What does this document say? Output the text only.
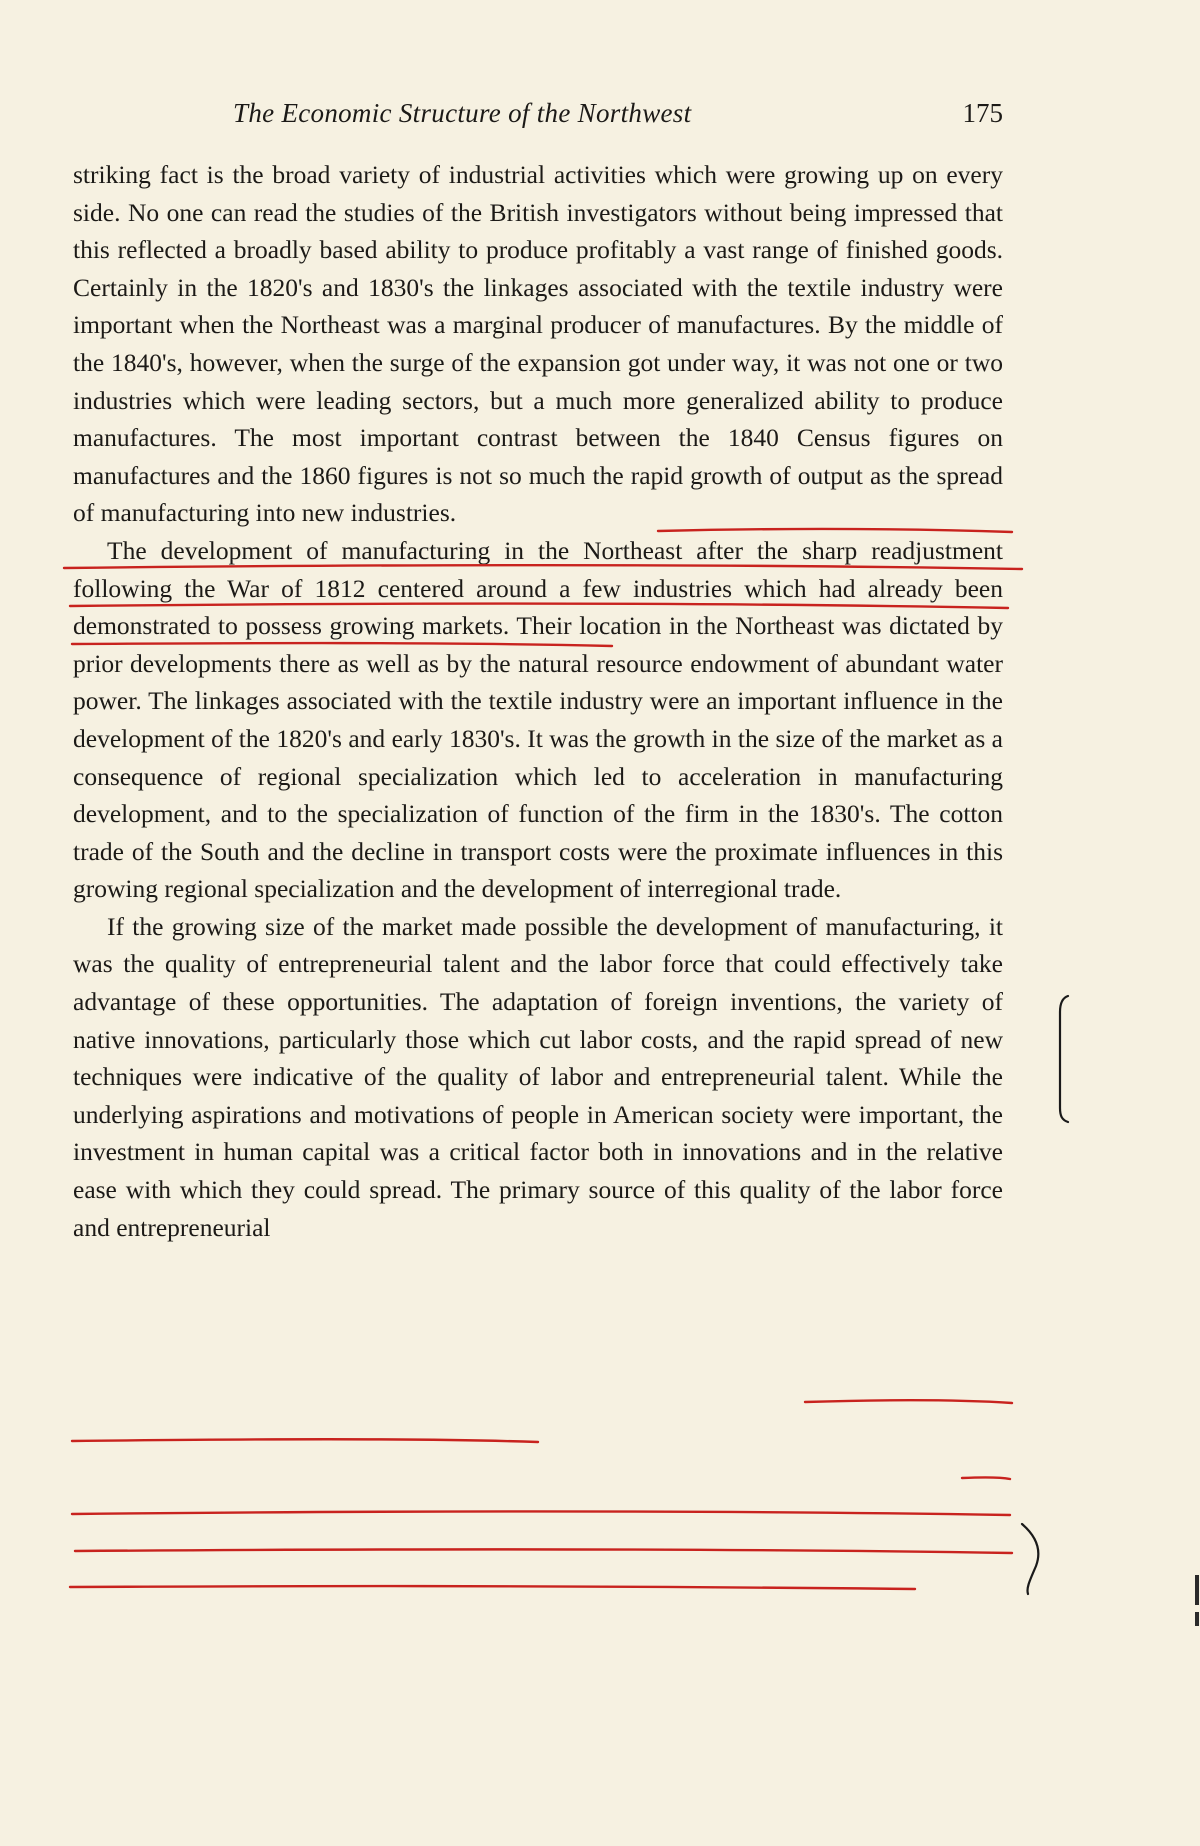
The Economic Structure of the Northwest	175

striking fact is the broad variety of industrial activities which were growing up on every side. No one can read the studies of the British investigators without being impressed that this reflected a broadly based ability to produce profitably a vast range of finished goods. Certainly in the 1820's and 1830's the linkages associated with the textile industry were important when the Northeast was a marginal producer of manufactures. By the middle of the 1840's, however, when the surge of the expansion got under way, it was not one or two industries which were leading sectors, but a much more generalized ability to produce manufactures. The most important contrast between the 1840 Census figures on manufactures and the 1860 figures is not so much the rapid growth of output as the spread of manufacturing into new industries.

The development of manufacturing in the Northeast after the sharp readjustment following the War of 1812 centered around a few industries which had already been demonstrated to possess growing markets. Their location in the Northeast was dictated by prior developments there as well as by the natural resource endowment of abundant water power. The linkages associated with the textile industry were an important influence in the development of the 1820's and early 1830's. It was the growth in the size of the market as a consequence of regional specialization which led to acceleration in manufacturing development, and to the specialization of function of the firm in the 1830's. The cotton trade of the South and the decline in transport costs were the proximate influences in this growing regional specialization and the development of interregional trade.

If the growing size of the market made possible the development of manufacturing, it was the quality of entrepreneurial talent and the labor force that could effectively take advantage of these opportunities. The adaptation of foreign inventions, the variety of native innovations, particularly those which cut labor costs, and the rapid spread of new techniques were indicative of the quality of labor and entrepreneurial talent. While the underlying aspirations and motivations of people in American society were important, the investment in human capital was a critical factor both in innovations and in the relative ease with which they could spread. The primary source of this quality of the labor force and entrepreneurial
